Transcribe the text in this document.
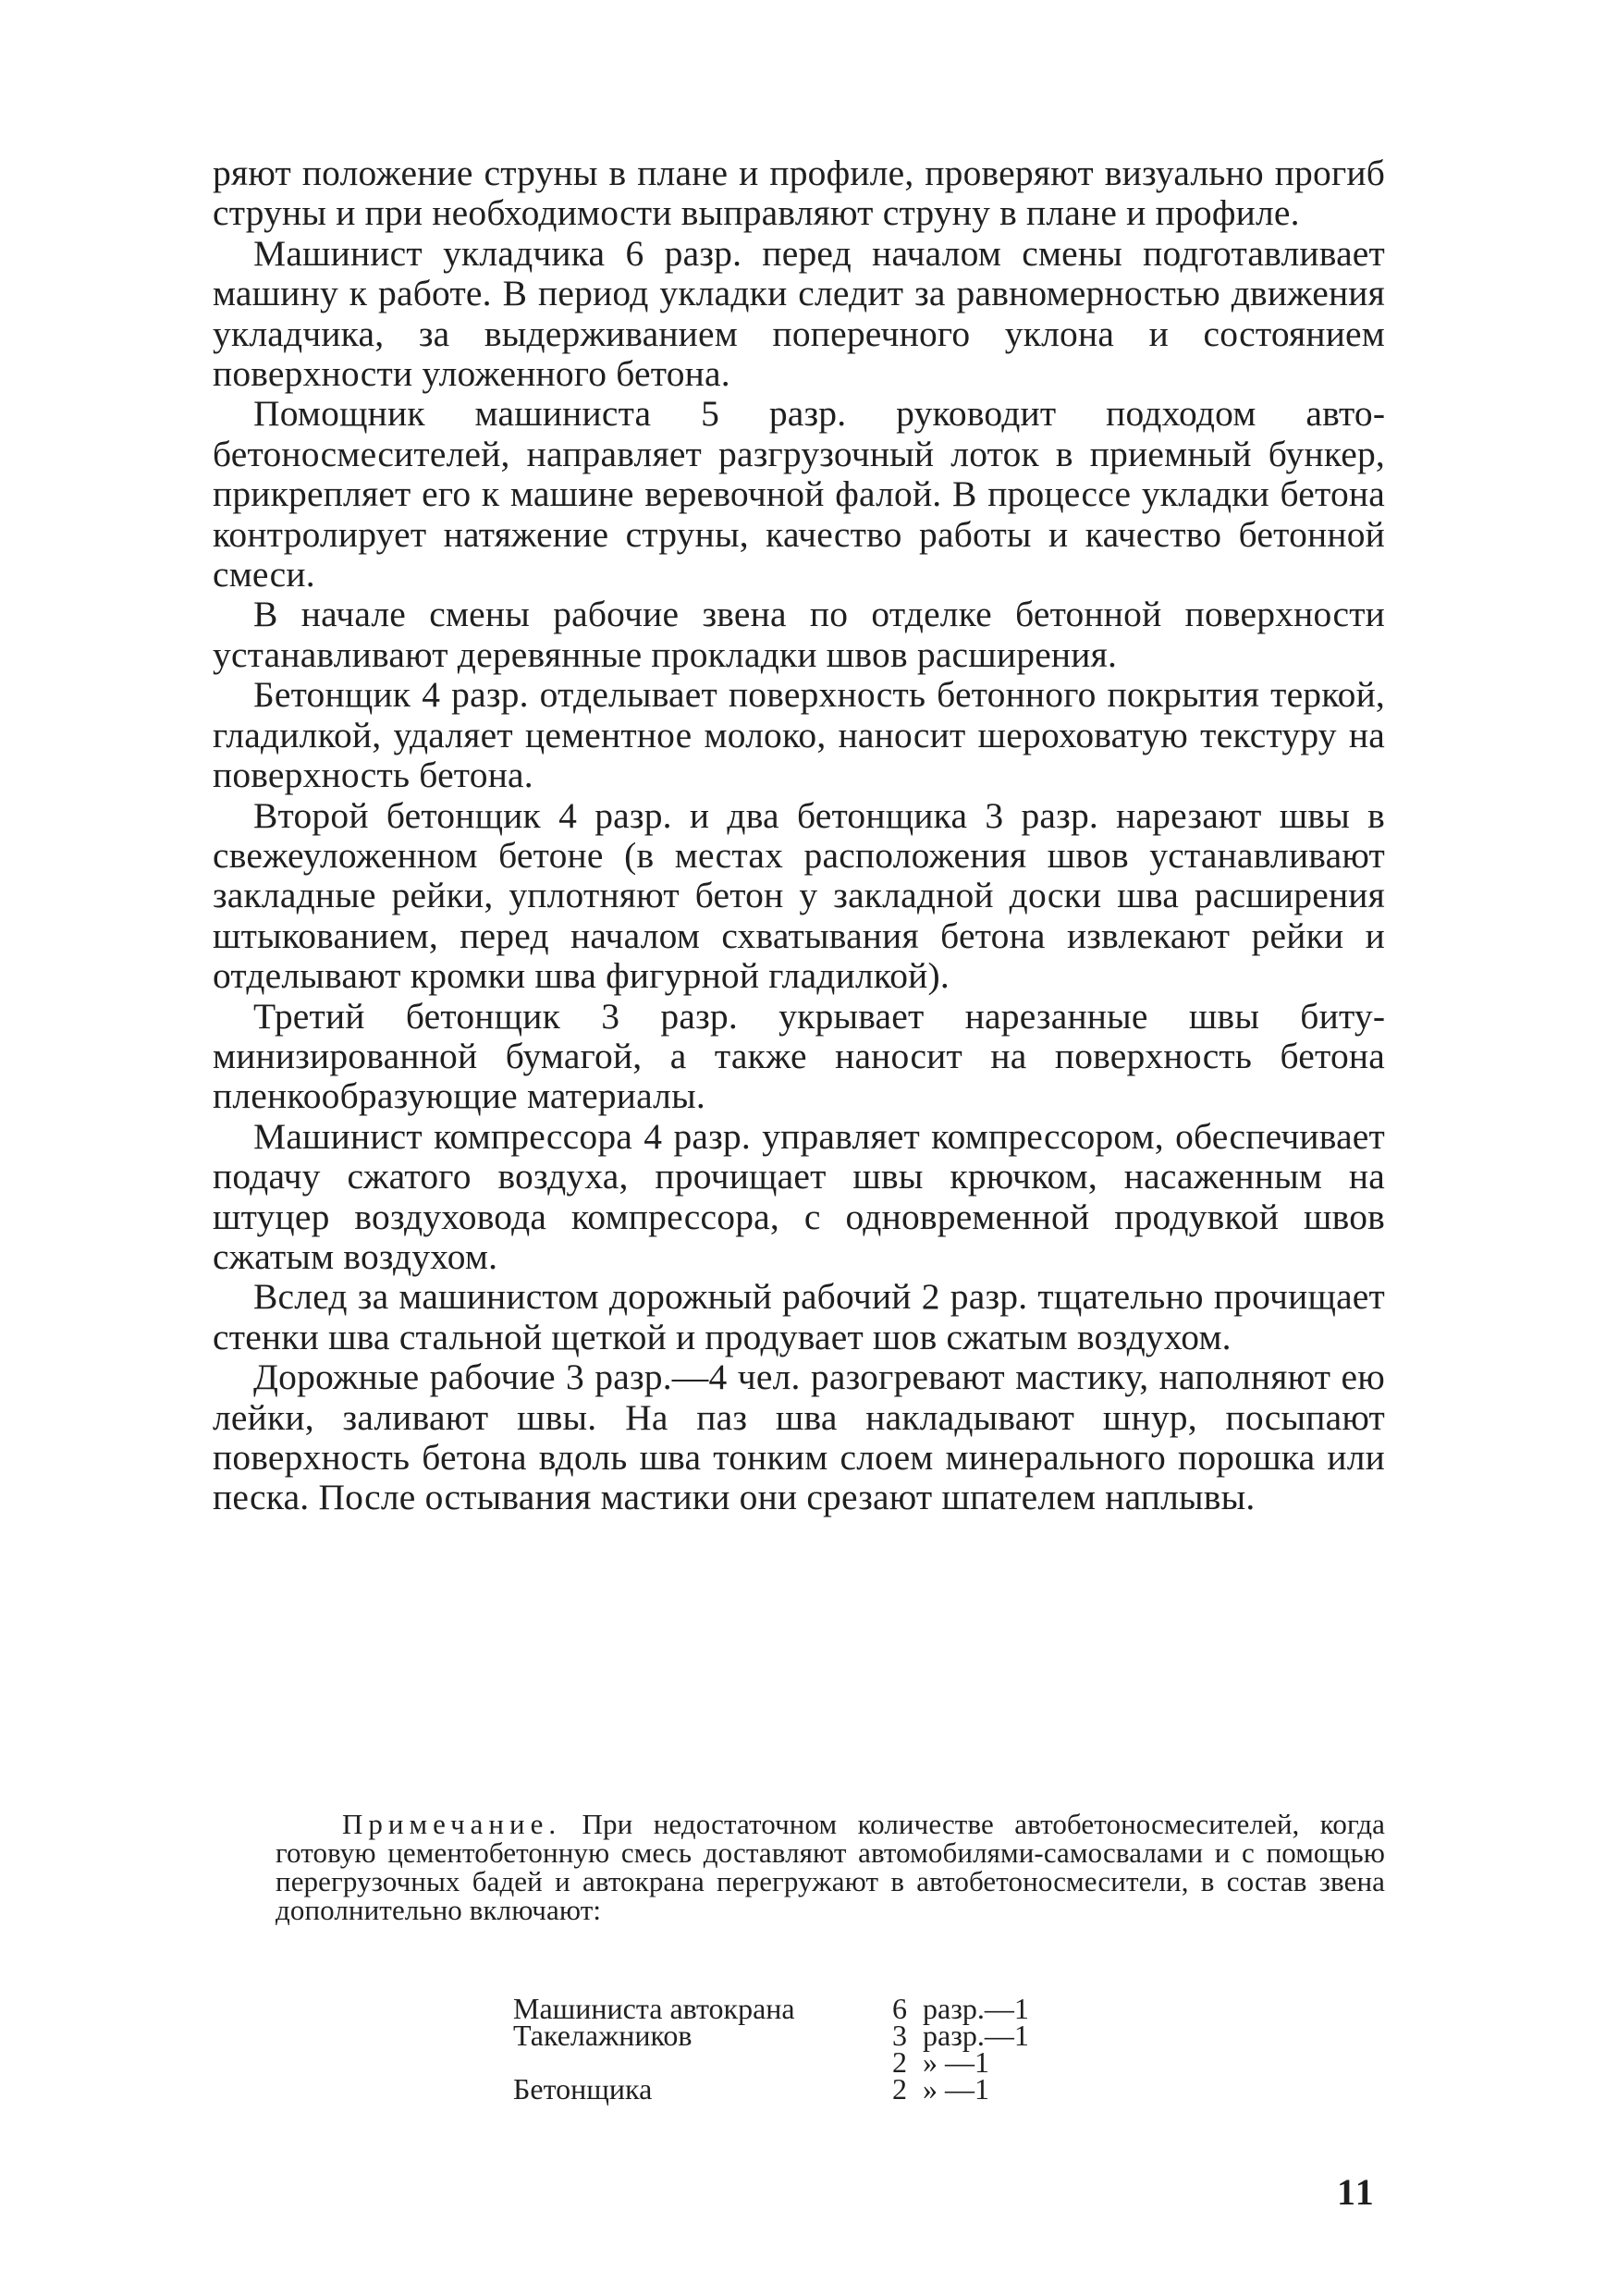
ряют положение струны в плане и профиле, проверяют визуально прогиб струны и при необходимости выправляют струну в плане и профиле.

Машинист укладчика 6 разр. перед началом смены подготавливает машину к работе. В период укладки следит за равномерностью движения укладчика, за выдерживанием поперечного уклона и состоянием поверхности уложенного бетона.

Помощник машиниста 5 разр. руководит подходом автобетоносмесителей, направляет разгрузочный лоток в приемный бункер, прикрепляет его к машине веревочной фалой. В процессе укладки бетона контролирует натяжение струны, качество работы и качество бетонной смеси.

В начале смены рабочие звена по отделке бетонной поверхности устанавливают деревянные прокладки швов расширения.

Бетонщик 4 разр. отделывает поверхность бетонного покрытия теркой, гладилкой, удаляет цементное молоко, наносит шероховатую текстуру на поверхность бетона.

Второй бетонщик 4 разр. и два бетонщика 3 разр. нарезают швы в свежеуложенном бетоне (в местах расположения швов устанавливают закладные рейки, уплотняют бетон у закладной доски шва расширения штыкованием, перед началом схватывания бетона извлекают рейки и отделывают кромки шва фигурной гладилкой).

Третий бетонщик 3 разр. укрывает нарезанные швы битуминизированной бумагой, а также наносит на поверхность бетона пленкообразующие материалы.

Машинист компрессора 4 разр. управляет компрессором, обеспечивает подачу сжатого воздуха, прочищает швы крючком, насаженным на штуцер воздуховода компрессора, с одновременной продувкой швов сжатым воздухом.

Вслед за машинистом дорожный рабочий 2 разр. тщательно прочищает стенки шва стальной щеткой и продувает шов сжатым воздухом.

Дорожные рабочие 3 разр.—4 чел. разогревают мастику, наполняют ею лейки, заливают швы. На паз шва накладывают шнур, посыпают поверхность бетона вдоль шва тонким слоем минерального порошка или песка. После остывания мастики они срезают шпателем наплывы.

Примечание. При недостаточном количестве автобетоносмесителей, когда готовую цементобетонную смесь доставляют автомобилями-самосвалами и с помощью перегрузочных бадей и автокрана перегружают в автобетоносмесители, в состав звена дополнительно включают:

Машиниста автокрана	6	разр.—1
Такелажников	3	разр.—1
	2	» —1
Бетонщика	2	» —1
11
